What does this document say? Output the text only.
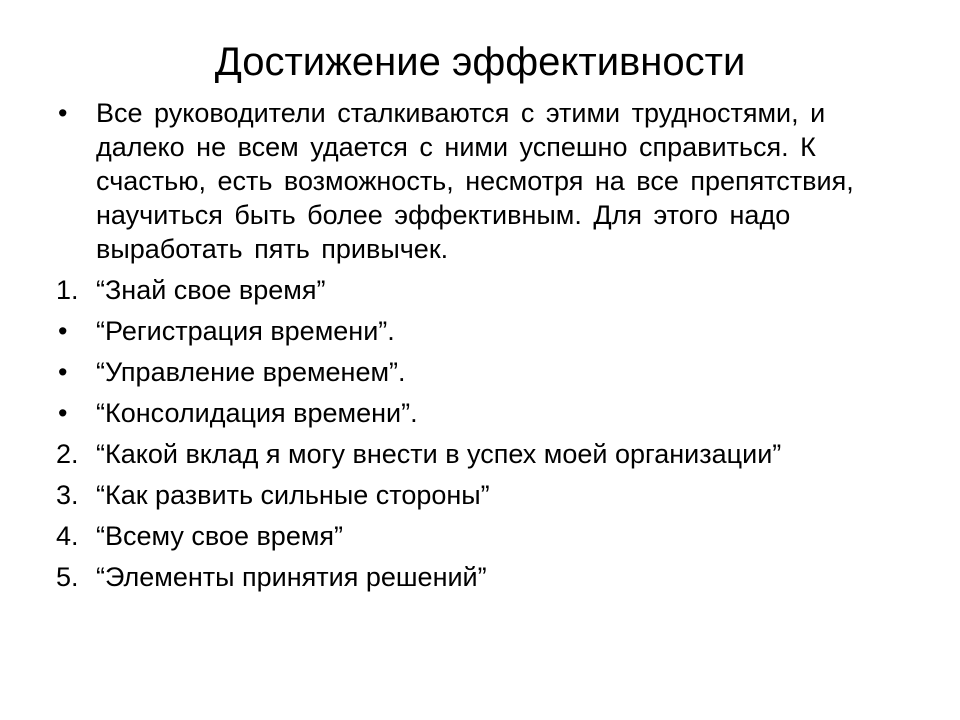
Достижение эффективности
•	Все руководители сталкиваются с этими трудностями, и далеко не всем удается с ними успешно справиться. К счастью, есть возможность, несмотря на все препятствия, научиться быть более эффективным. Для этого надо выработать пять привычек.
1. “Знай свое время”
•	“Регистрация времени”.
•	“Управление временем”.
•	“Консолидация времени”.
2. “Какой вклад я могу внести в успех моей организации”
3. “Как развить сильные стороны”
4. “Всему свое время”
5. “Элементы принятия решений”
